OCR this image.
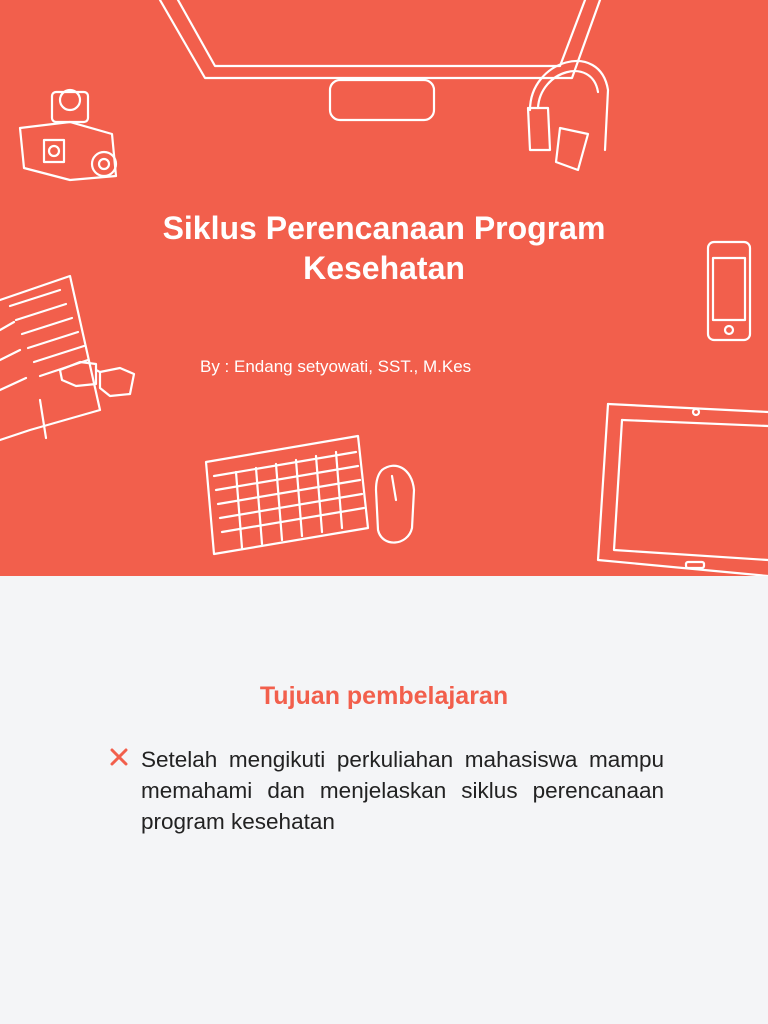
Siklus Perencanaan Program
Kesehatan
By : Endang setyowati, SST., M.Kes
Tujuan pembelajaran
Setelah mengikuti perkuliahan mahasiswa mampu memahami dan menjelaskan siklus perencanaan program kesehatan
